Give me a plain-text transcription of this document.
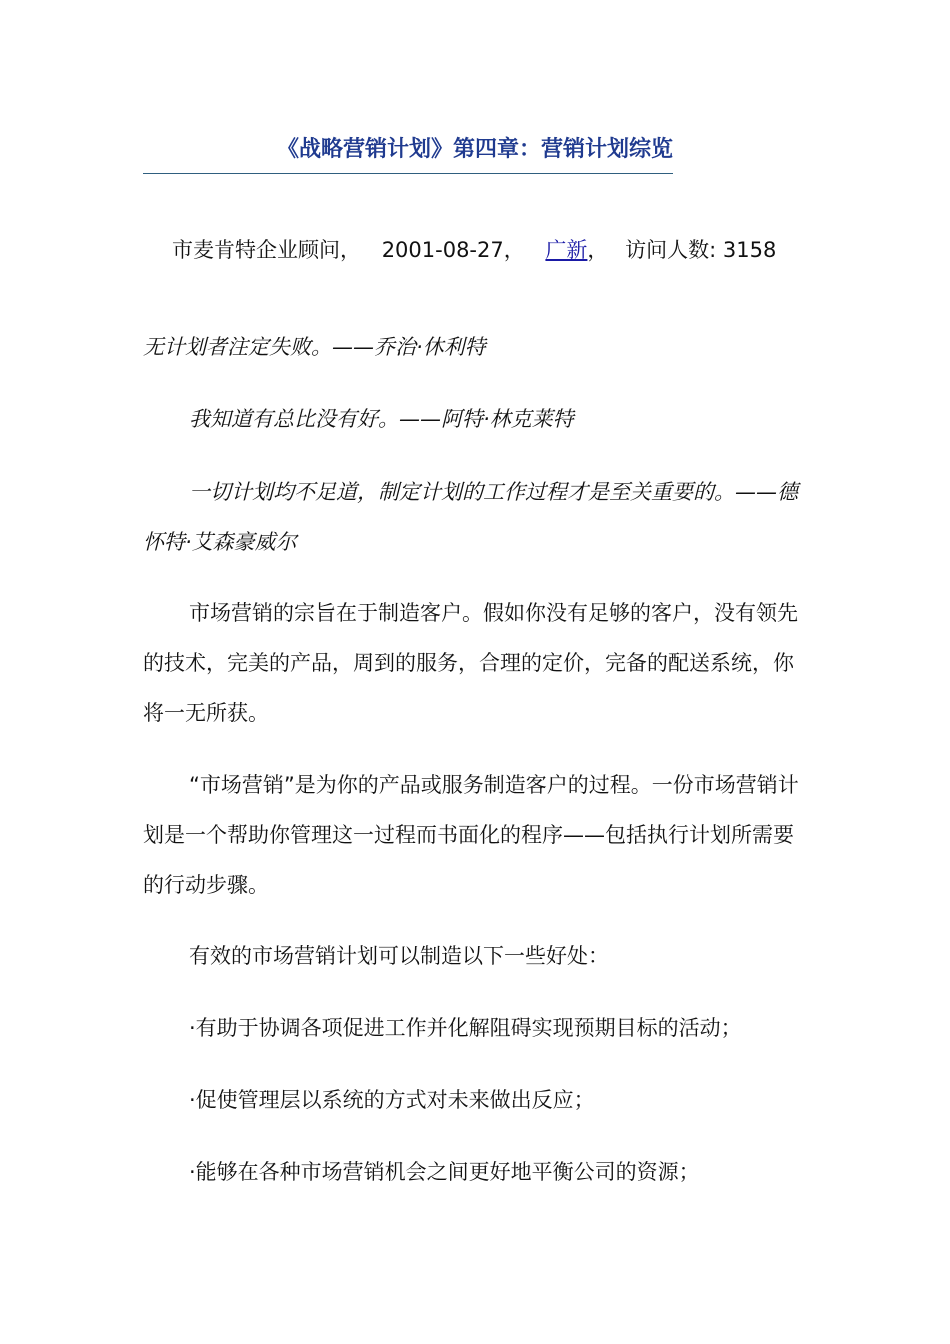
《战略营销计划》第四章：营销计划综览
市麦肯特企业顾问， 2001-08-27， 广新， 访问人数: 3158
无计划者注定失败。——乔治·休利特
我知道有总比没有好。——阿特·林克莱特
一切计划均不足道，制定计划的工作过程才是至关重要的。——德怀特·艾森豪威尔
市场营销的宗旨在于制造客户。假如你没有足够的客户，没有领先的技术，完美的产品，周到的服务，合理的定价，完备的配送系统，你将一无所获。
“市场营销”是为你的产品或服务制造客户的过程。一份市场营销计划是一个帮助你管理这一过程而书面化的程序——包括执行计划所需要的行动步骤。
有效的市场营销计划可以制造以下一些好处：
·有助于协调各项促进工作并化解阻碍实现预期目标的活动；
·促使管理层以系统的方式对未来做出反应；
·能够在各种市场营销机会之间更好地平衡公司的资源；
